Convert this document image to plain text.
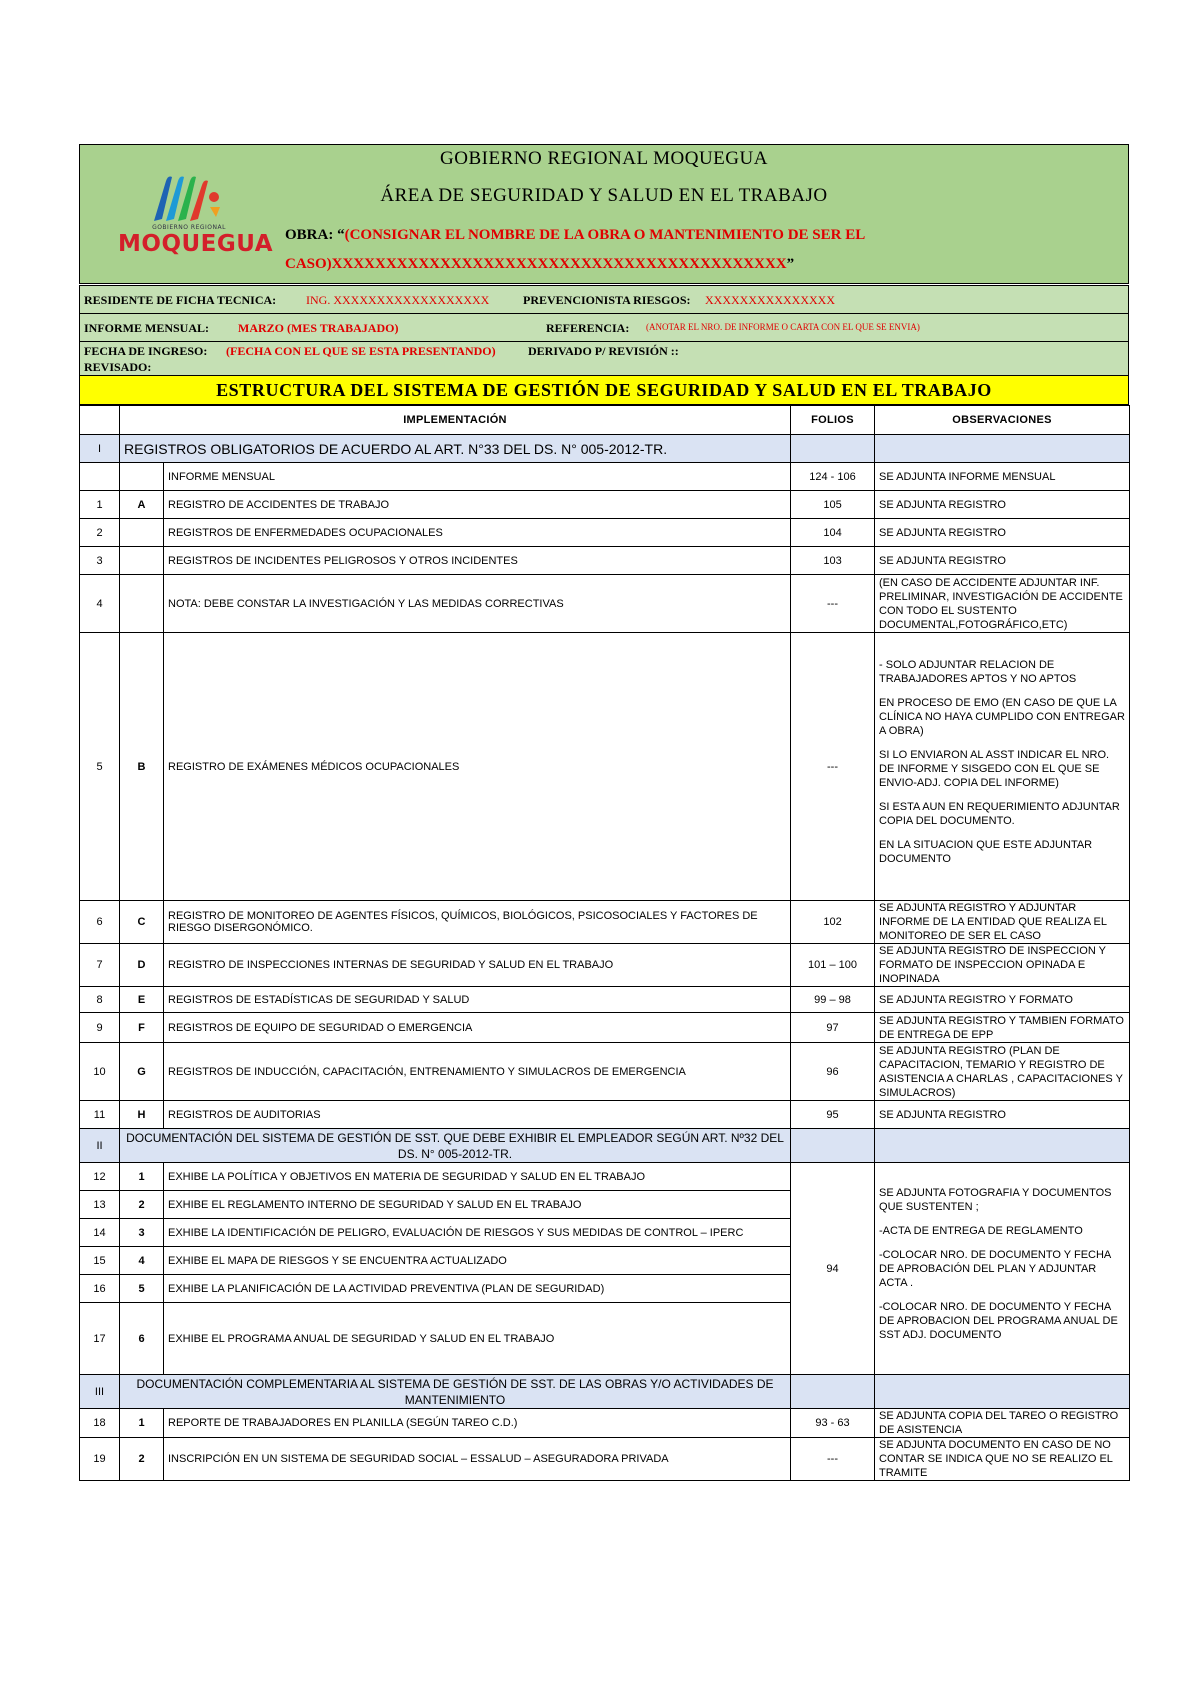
GOBIERNO REGIONAL
MOQUEGUA
GOBIERNO REGIONAL MOQUEGUA
ÁREA DE SEGURIDAD Y SALUD EN EL TRABAJO
OBRA: “(CONSIGNAR EL NOMBRE DE LA OBRA O MANTENIMIENTO DE SER EL CASO)XXXXXXXXXXXXXXXXXXXXXXXXXXXXXXXXXXXXXXXXXX”
RESIDENTE DE FICHA TECNICA: ING. XXXXXXXXXXXXXXXXXX	PREVENCIONISTA RIESGOS: XXXXXXXXXXXXXXX
INFORME MENSUAL: MARZO (MES TRABAJADO)	REFERENCIA: (ANOTAR EL NRO. DE INFORME O CARTA CON EL QUE SE ENVIA)
FECHA DE INGRESO: (FECHA CON EL QUE SE ESTA PRESENTANDO)	DERIVADO P/ REVISIÓN ::
REVISADO:
ESTRUCTURA DEL SISTEMA DE GESTIÓN DE SEGURIDAD Y SALUD EN EL TRABAJO
	IMPLEMENTACIÓN		FOLIOS	OBSERVACIONES
I	REGISTROS OBLIGATORIOS DE ACUERDO AL ART. N°33 DEL DS. N° 005-2012-TR.			
		INFORME MENSUAL	124 - 106	SE ADJUNTA INFORME MENSUAL
1	A	REGISTRO DE ACCIDENTES DE TRABAJO	105	SE ADJUNTA REGISTRO
2		REGISTROS DE ENFERMEDADES OCUPACIONALES	104	SE ADJUNTA REGISTRO
3		REGISTROS DE INCIDENTES PELIGROSOS Y OTROS INCIDENTES	103	SE ADJUNTA REGISTRO
4		NOTA: DEBE CONSTAR LA INVESTIGACIÓN Y LAS MEDIDAS CORRECTIVAS	---	(EN CASO DE ACCIDENTE ADJUNTAR INF. PRELIMINAR, INVESTIGACIÓN DE ACCIDENTE CON TODO EL SUSTENTO DOCUMENTAL,FOTOGRÁFICO,ETC)
5	B	REGISTRO DE EXÁMENES MÉDICOS OCUPACIONALES	---	- SOLO ADJUNTAR RELACION DE TRABAJADORES APTOS Y NO APTOS

EN PROCESO DE EMO (EN CASO DE QUE LA CLÍNICA NO HAYA CUMPLIDO CON ENTREGAR A OBRA)

SI LO ENVIARON AL ASST INDICAR EL NRO. DE INFORME Y SISGEDO CON EL QUE SE ENVIO-ADJ. COPIA DEL INFORME)

SI ESTA AUN EN REQUERIMIENTO ADJUNTAR COPIA DEL DOCUMENTO.

EN LA SITUACION QUE ESTE ADJUNTAR DOCUMENTO

6	C	REGISTRO DE MONITOREO DE AGENTES FÍSICOS, QUÍMICOS, BIOLÓGICOS, PSICOSOCIALES Y FACTORES DE RIESGO DISERGONÓMICO.	102	SE ADJUNTA REGISTRO Y ADJUNTAR INFORME DE LA ENTIDAD QUE REALIZA EL MONITOREO DE SER EL CASO
7	D	REGISTRO DE INSPECCIONES INTERNAS DE SEGURIDAD Y SALUD EN EL TRABAJO	101 – 100	SE ADJUNTA REGISTRO DE INSPECCION Y FORMATO DE INSPECCION OPINADA E INOPINADA
8	E	REGISTROS DE ESTADÍSTICAS DE SEGURIDAD Y SALUD	99 – 98	SE ADJUNTA REGISTRO Y FORMATO
9	F	REGISTROS DE EQUIPO DE SEGURIDAD O EMERGENCIA	97	SE ADJUNTA REGISTRO Y TAMBIEN FORMATO DE ENTREGA DE EPP
10	G	REGISTROS DE INDUCCIÓN, CAPACITACIÓN, ENTRENAMIENTO Y SIMULACROS DE EMERGENCIA	96	SE ADJUNTA REGISTRO (PLAN DE CAPACITACION, TEMARIO Y REGISTRO DE ASISTENCIA A CHARLAS , CAPACITACIONES Y SIMULACROS)
11	H	REGISTROS DE AUDITORIAS	95	SE ADJUNTA REGISTRO
II	DOCUMENTACIÓN DEL SISTEMA DE GESTIÓN DE SST. QUE DEBE EXHIBIR EL EMPLEADOR SEGÚN ART. Nº32 DEL DS. N° 005-2012-TR.			
12	1	EXHIBE LA POLÍTICA Y OBJETIVOS EN MATERIA DE SEGURIDAD Y SALUD EN EL TRABAJO	94	SE ADJUNTA FOTOGRAFIA Y DOCUMENTOS QUE SUSTENTEN ;

-ACTA DE ENTREGA DE REGLAMENTO

-COLOCAR NRO. DE DOCUMENTO Y FECHA DE APROBACIÓN DEL PLAN Y ADJUNTAR ACTA .

-COLOCAR NRO. DE DOCUMENTO Y FECHA DE APROBACION DEL PROGRAMA ANUAL DE SST ADJ. DOCUMENTO

13	2	EXHIBE EL REGLAMENTO INTERNO DE SEGURIDAD Y SALUD EN EL TRABAJO		
14	3	EXHIBE LA IDENTIFICACIÓN DE PELIGRO, EVALUACIÓN DE RIESGOS Y SUS MEDIDAS DE CONTROL – IPERC		
15	4	EXHIBE EL MAPA DE RIESGOS Y SE ENCUENTRA ACTUALIZADO		
16	5	EXHIBE LA PLANIFICACIÓN DE LA ACTIVIDAD PREVENTIVA (PLAN DE SEGURIDAD)		
17	6	EXHIBE EL PROGRAMA ANUAL DE SEGURIDAD Y SALUD EN EL TRABAJO		
III	DOCUMENTACIÓN COMPLEMENTARIA AL SISTEMA DE GESTIÓN DE SST. DE LAS OBRAS Y/O ACTIVIDADES DE MANTENIMIENTO			
18	1	REPORTE DE TRABAJADORES EN PLANILLA (SEGÚN TAREO C.D.)	93 - 63	SE ADJUNTA COPIA DEL TAREO O REGISTRO DE ASISTENCIA
19	2	INSCRIPCIÓN EN UN SISTEMA DE SEGURIDAD SOCIAL – ESSALUD – ASEGURADORA PRIVADA	---	SE ADJUNTA DOCUMENTO EN CASO DE NO CONTAR SE INDICA QUE NO SE REALIZO EL TRAMITE
